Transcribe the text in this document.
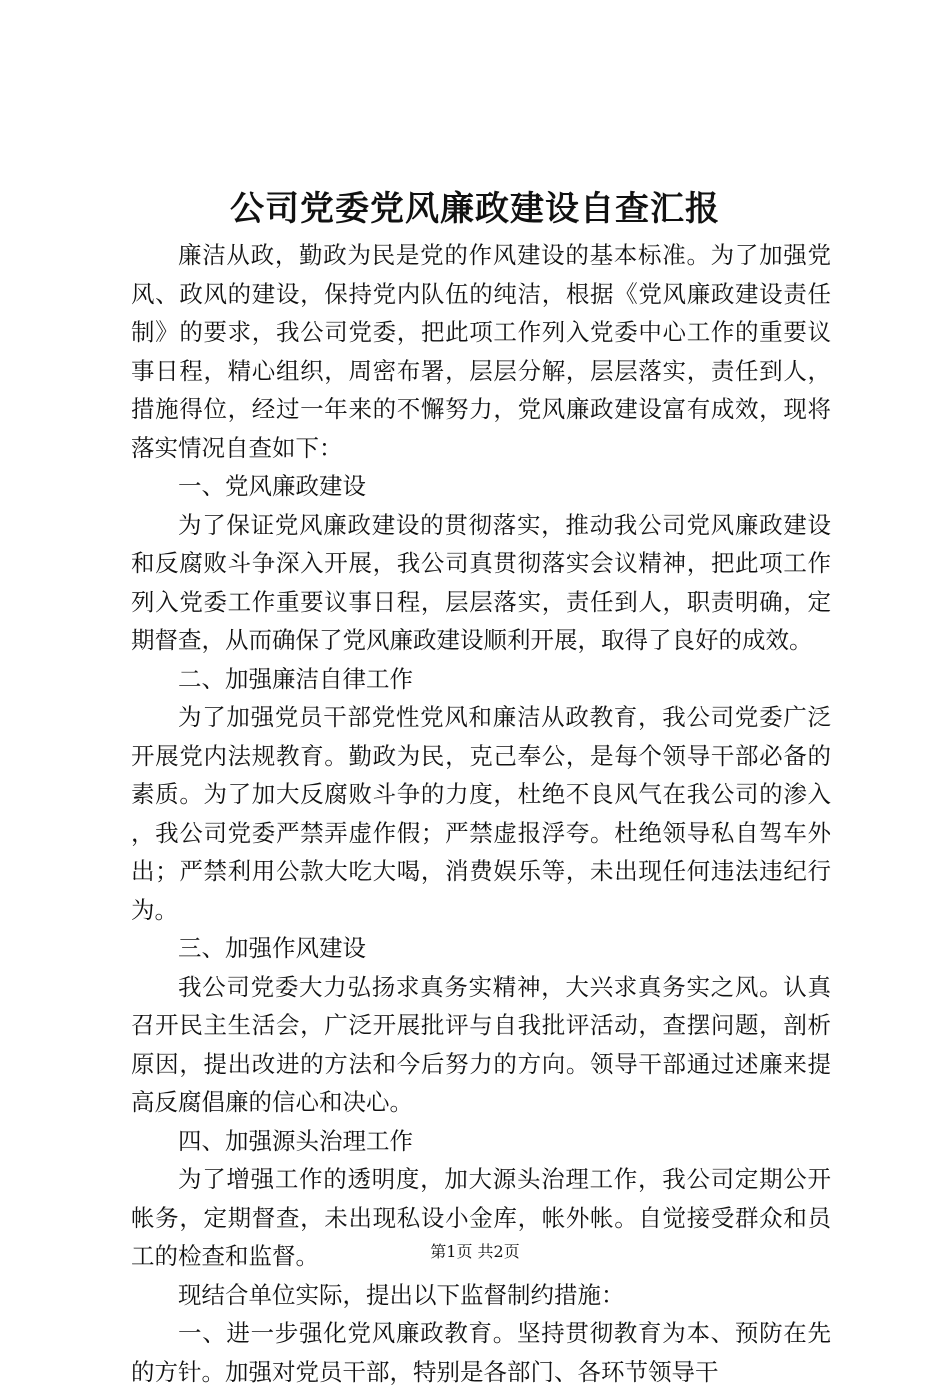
公司党委党风廉政建设自查汇报

廉洁从政，勤政为民是党的作风建设的基本标准。为了加强党风、政风的建设，保持党内队伍的纯洁，根据《党风廉政建设责任制》的要求，我公司党委，把此项工作列入党委中心工作的重要议事日程，精心组织，周密布署，层层分解，层层落实，责任到人，措施得位，经过一年来的不懈努力，党风廉政建设富有成效，现将落实情况自查如下：

一、党风廉政建设

为了保证党风廉政建设的贯彻落实，推动我公司党风廉政建设和反腐败斗争深入开展，我公司真贯彻落实会议精神，把此项工作列入党委工作重要议事日程，层层落实，责任到人，职责明确，定期督查，从而确保了党风廉政建设顺利开展，取得了良好的成效。

二、加强廉洁自律工作

为了加强党员干部党性党风和廉洁从政教育，我公司党委广泛开展党内法规教育。勤政为民，克己奉公，是每个领导干部必备的素质。为了加大反腐败斗争的力度，杜绝不良风气在我公司的渗入，我公司党委严禁弄虚作假；严禁虚报浮夸。杜绝领导私自驾车外出；严禁利用公款大吃大喝，消费娱乐等，未出现任何违法违纪行为。

三、加强作风建设

我公司党委大力弘扬求真务实精神，大兴求真务实之风。认真召开民主生活会，广泛开展批评与自我批评活动，查摆问题，剖析原因，提出改进的方法和今后努力的方向。领导干部通过述廉来提高反腐倡廉的信心和决心。

四、加强源头治理工作

为了增强工作的透明度，加大源头治理工作，我公司定期公开帐务，定期督查，未出现私设小金库，帐外帐。自觉接受群众和员工的检查和监督。

现结合单位实际，提出以下监督制约措施：

一、进一步强化党风廉政教育。坚持贯彻教育为本、预防在先的方针。加强对党员干部，特别是各部门、各环节领导干

第1页 共2页
